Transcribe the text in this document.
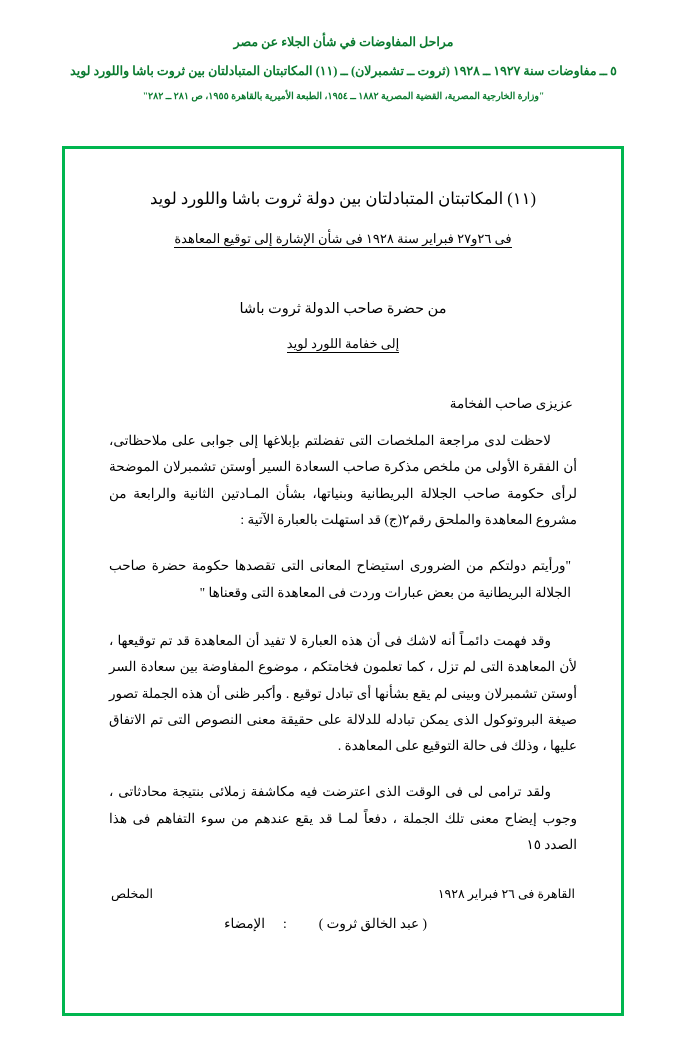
مراحل المفاوضات في شأن الجلاء عن مصر
٥ ــ مفاوضات سنة ١٩٢٧ ــ ١٩٢٨ (ثروت ــ تشمبرلان) ــ (١١) المكاتبتان المتبادلتان بين ثروت باشا واللورد لويد
"وزارة الخارجية المصرية، القضية المصرية ١٨٨٢ ــ ١٩٥٤، الطبعة الأميرية بالقاهرة ١٩٥٥، ص ٢٨١ ــ ٢٨٢"
(١١) المكاتبتان المتبادلتان بين دولة ثروت باشا واللورد لويد
فى ٢٦و٢٧ فبراير سنة ١٩٢٨ فى شأن الإشارة إلى توقيع المعاهدة
من حضرة صاحب الدولة ثروت باشا
إلى خفامة اللورد لويد
عزيزى صاحب الفخامة

لاحظت لدى مراجعة الملخصات التى تفضلتم بإبلاغها إلى جوابى على ملاحظاتى، أن الفقرة الأولى من ملخص مذكرة صاحب السعادة السير أوستن تشمبرلان الموضحة لرأى حكومة صاحب الجلالة البريطانية وبنياتها، بشأن المـادتين الثانية والرابعة من مشروع المعاهدة والملحق رقم٢(ج) قد استهلت بالعبارة الآتية :

"ورأيتم دولتكم من الضرورى استيضاح المعانى التى تقصدها حكومة حضرة صاحب الجلالة البريطانية من بعض عبارات وردت فى المعاهدة التى وقعناها "

وقد فهمت دائمـاً أنه لاشك فى أن هذه العبارة لا تفيد أن المعاهدة قد تم توقيعها ، لأن المعاهدة التى لم تزل ، كما تعلمون فخامتكم ، موضوع المفاوضة بين سعادة السر أوستن تشمبرلان وبينى لم يقع بشأنها أى تبادل توقيع . وأكبر ظنى أن هذه الجملة تصور صيغة البروتوكول الذى يمكن تبادله للدلالة على حقيقة معنى النصوص التى تم الاتفاق عليها ، وذلك فى حالة التوقيع على المعاهدة .

ولقد ترامى لى فى الوقت الذى اعترضت فيه مكاشفة زملائى بنتيجة محادثاتى ، وجوب إيضاح معنى تلك الجملة ، دفعاً لمـا قد يقع عندهم من سوء التفاهم فى هذا الصدد ١٥

القاهرة فى ٢٦ فبراير ١٩٢٨
المخلص
( عبد الخالق ثروت )
:
الإمضاء
